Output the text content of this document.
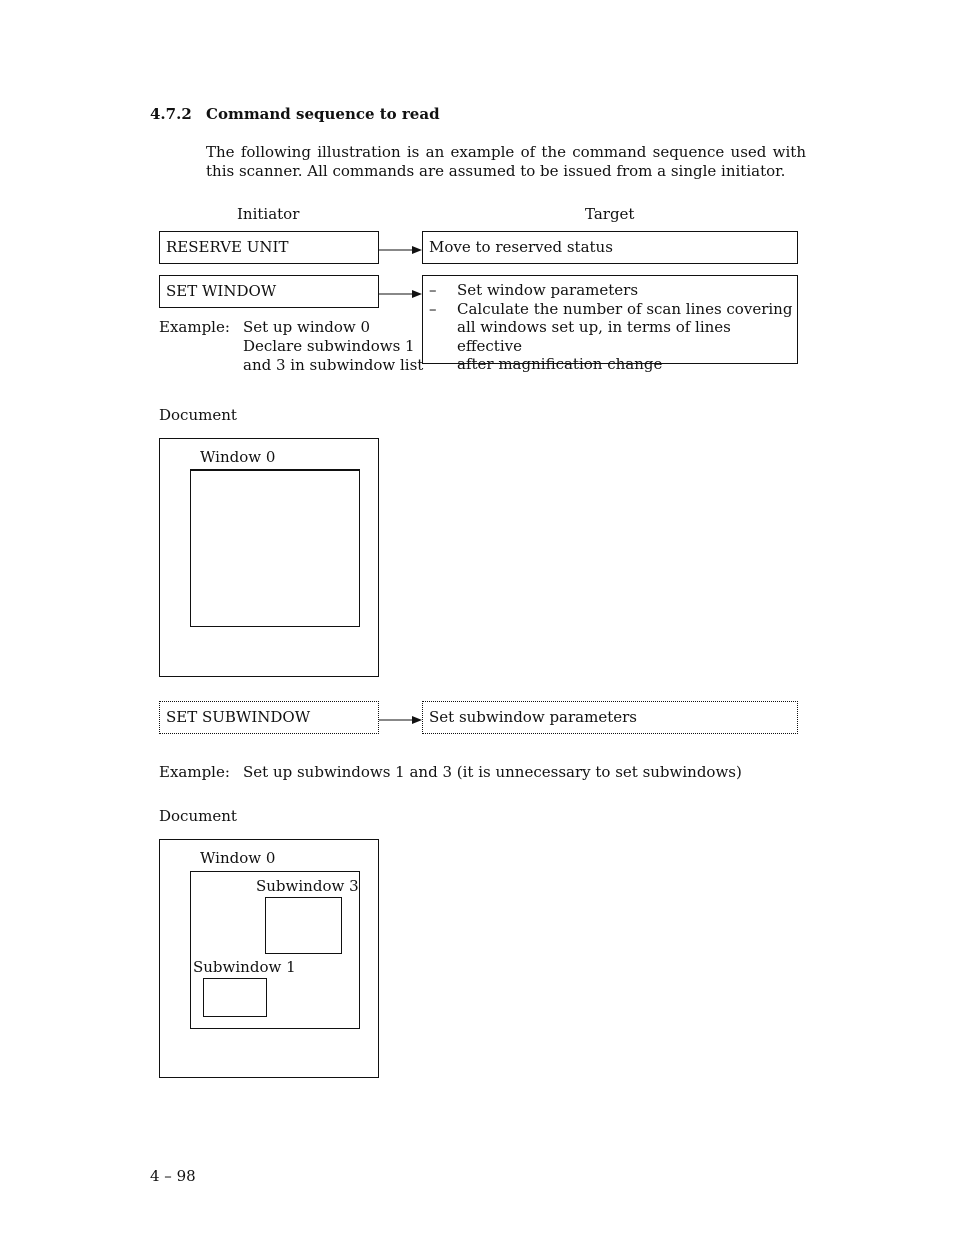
4.7.2 Command sequence to read
The following illustration is an example of the command sequence used with this scanner. All commands are assumed to be issued from a single initiator.
Initiator	Target
RESERVE UNIT	Move to reserved status
SET WINDOW	–	Set window parameters
–	Calculate the number of scan lines covering
all windows set up, in terms of lines effective
after magnification change
Example: Set up window 0
Declare subwindows 1
and 3 in subwindow list
Document
Window 0
SET SUBWINDOW	Set subwindow parameters
Example: Set up subwindows 1 and 3 (it is unnecessary to set subwindows)
Document
Window 0
Subwindow 3
Subwindow 1
4 – 98
